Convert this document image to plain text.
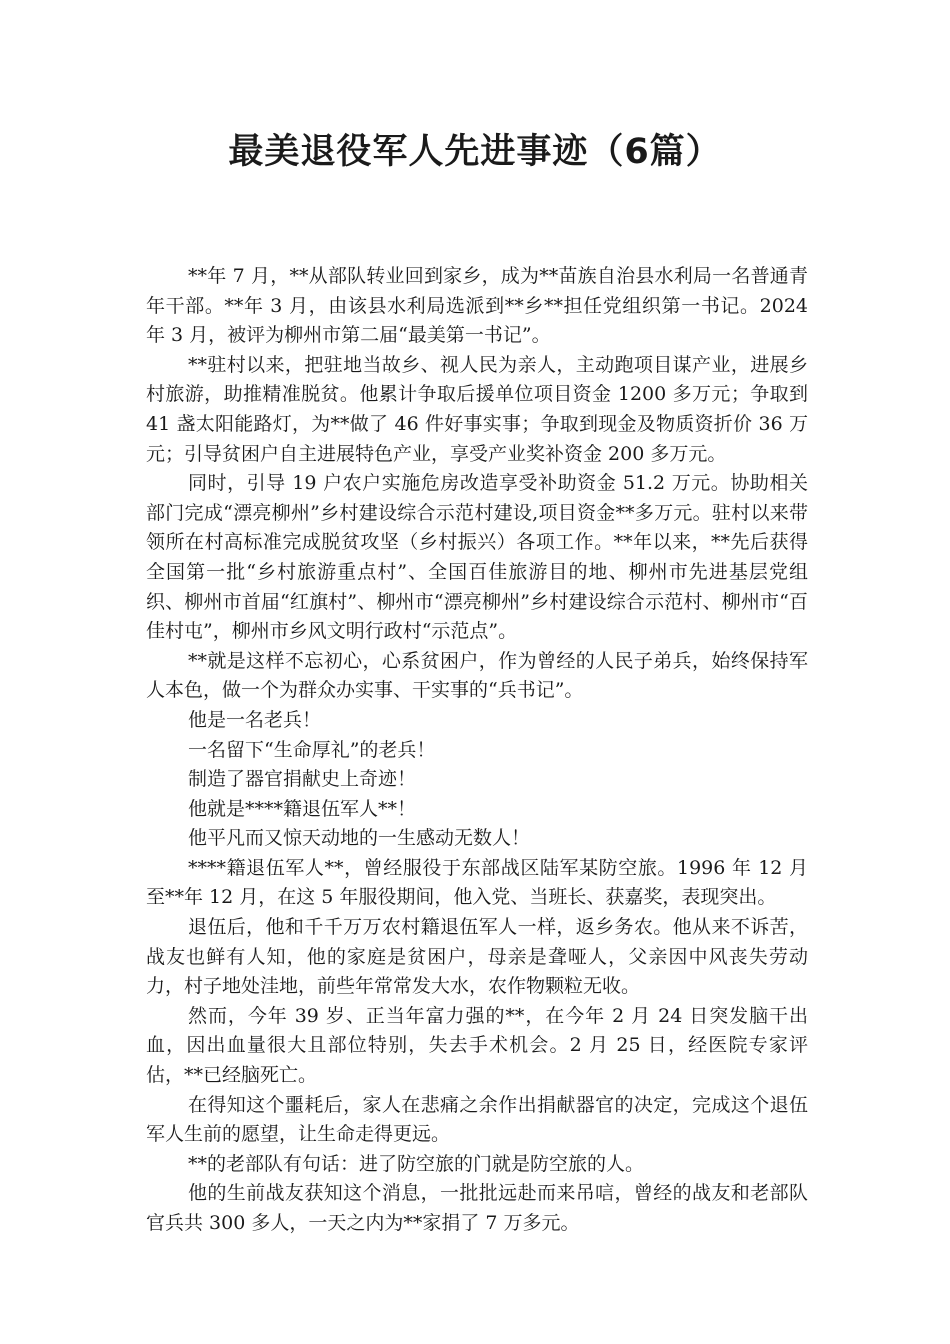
最美退役军人先进事迹（6篇）

**年 7 月，**从部队转业回到家乡，成为**苗族自治县水利局一名普通青年干部。**年 3 月，由该县水利局选派到**乡**担任党组织第一书记。2024 年 3 月，被评为柳州市第二届“最美第一书记”。

**驻村以来，把驻地当故乡、视人民为亲人，主动跑项目谋产业，进展乡村旅游，助推精准脱贫。他累计争取后援单位项目资金 1200 多万元；争取到 41 盏太阳能路灯，为**做了 46 件好事实事；争取到现金及物质资折价 36 万元；引导贫困户自主进展特色产业，享受产业奖补资金 200 多万元。

同时，引导 19 户农户实施危房改造享受补助资金 51.2 万元。协助相关部门完成“漂亮柳州”乡村建设综合示范村建设,项目资金**多万元。驻村以来带领所在村高标准完成脱贫攻坚（乡村振兴）各项工作。**年以来，**先后获得全国第一批“乡村旅游重点村”、全国百佳旅游目的地、柳州市先进基层党组织、柳州市首届“红旗村”、柳州市“漂亮柳州”乡村建设综合示范村、柳州市“百佳村屯”，柳州市乡风文明行政村“示范点”。

**就是这样不忘初心，心系贫困户，作为曾经的人民子弟兵，始终保持军人本色，做一个为群众办实事、干实事的“兵书记”。

他是一名老兵！

一名留下“生命厚礼”的老兵！

制造了器官捐献史上奇迹！

他就是****籍退伍军人**！

他平凡而又惊天动地的一生感动无数人！

****籍退伍军人**，曾经服役于东部战区陆军某防空旅。1996 年 12 月至**年 12 月，在这 5 年服役期间，他入党、当班长、获嘉奖，表现突出。

退伍后，他和千千万万农村籍退伍军人一样，返乡务农。他从来不诉苦，战友也鲜有人知，他的家庭是贫困户，母亲是聋哑人，父亲因中风丧失劳动力，村子地处洼地，前些年常常发大水，农作物颗粒无收。

然而，今年 39 岁、正当年富力强的**，在今年 2 月 24 日突发脑干出血，因出血量很大且部位特别，失去手术机会。2 月 25 日，经医院专家评估，**已经脑死亡。

在得知这个噩耗后，家人在悲痛之余作出捐献器官的决定，完成这个退伍军人生前的愿望，让生命走得更远。

**的老部队有句话：进了防空旅的门就是防空旅的人。

他的生前战友获知这个消息，一批批远赴而来吊唁，曾经的战友和老部队官兵共 300 多人，一天之内为**家捐了 7 万多元。
